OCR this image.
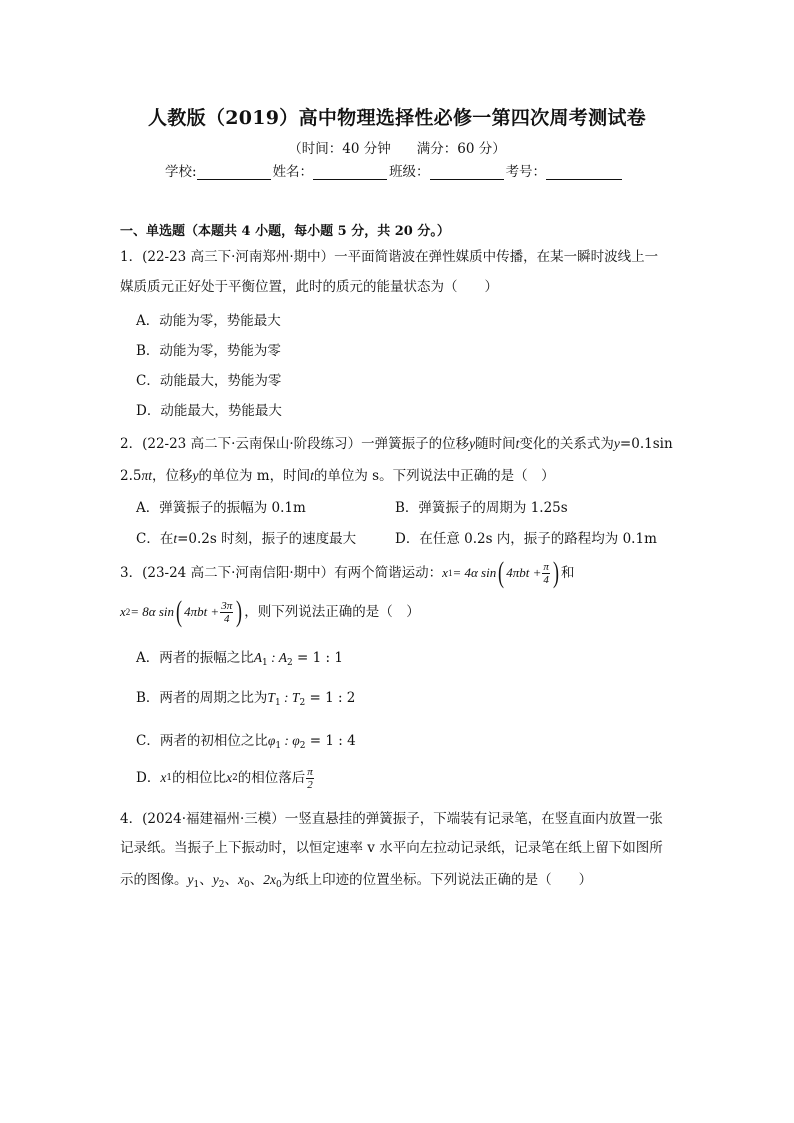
人教版（2019）高中物理选择性必修一第四次周考测试卷
（时间：40 分钟 满分：60 分）
学校:	姓名：	班级：	考号：
一、单选题（本题共 4 小题，每小题 5 分，共 20 分。）
1．(22-23 高三下·河南郑州·期中）一平面简谐波在弹性媒质中传播，在某一瞬时波线上一
媒质质元正好处于平衡位置，此时的质元的能量状态为（　　）
A．动能为零，势能最大
B．动能为零，势能为零
C．动能最大，势能为零
D．动能最大，势能最大
2．(22-23 高二下·云南保山·阶段练习）一弹簧振子的位移y随时间t变化的关系式为y=0.1sin
2.5πt，位移y的单位为 m，时间t的单位为 s。下列说法中正确的是（　）
A．弹簧振子的振幅为 0.1m	B．弹簧振子的周期为 1.25s
C．在t=0.2s 时刻，振子的速度最大	D．在任意 0.2s 内，振子的路程均为 0.1m
3．(23-24 高二下·河南信阳·期中）有两个简谐运动： x 1 = 4α sin ( $4\pi bt + \frac{\pi}{4}$ ) 和
x 2 = 8α sin ( $4\pi bt + \frac{3\pi}{4}$ ) ，则下列说法正确的是（　）
A．两者的振幅之比$A_1$ : $A_2 = 1$ : 1
B．两者的周期之比为$T_1$ : $T_2 = 1$ : 2
C．两者的初相位之比$\varphi_1$ : $\varphi_2 = 1$ : 4
D． x 1 的相位比 x 2 的相位落后 $\frac{\pi}{2}$
4．(2024·福建福州·三模）一竖直悬挂的弹簧振子，下端装有记录笔，在竖直面内放置一张
记录纸。当振子上下振动时，以恒定速率 v 水平向左拉动记录纸，记录笔在纸上留下如图所
示的图像。$y_1$、$y_2$、$x_0$、$2x_0$为纸上印迹的位置坐标。下列说法正确的是（　　）
